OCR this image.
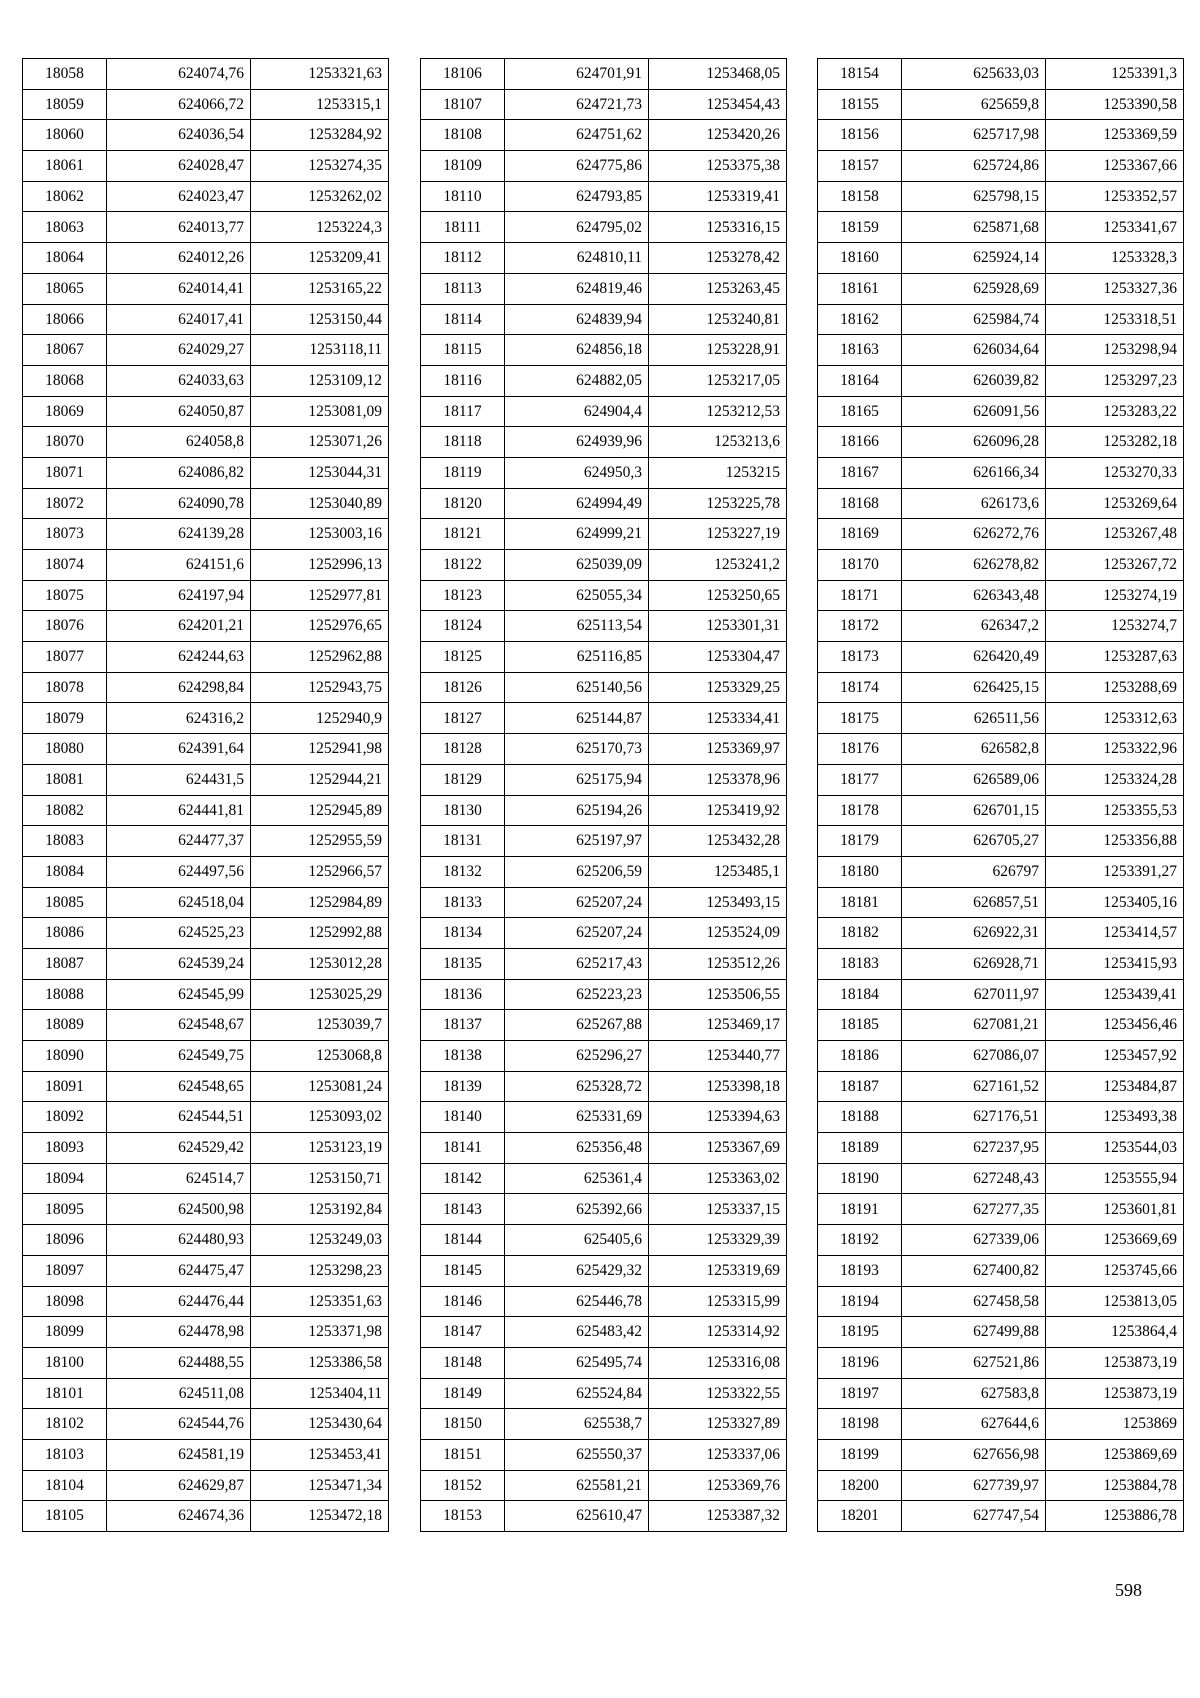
18058	624074,76	1253321,63
18059	624066,72	1253315,1
18060	624036,54	1253284,92
18061	624028,47	1253274,35
18062	624023,47	1253262,02
18063	624013,77	1253224,3
18064	624012,26	1253209,41
18065	624014,41	1253165,22
18066	624017,41	1253150,44
18067	624029,27	1253118,11
18068	624033,63	1253109,12
18069	624050,87	1253081,09
18070	624058,8	1253071,26
18071	624086,82	1253044,31
18072	624090,78	1253040,89
18073	624139,28	1253003,16
18074	624151,6	1252996,13
18075	624197,94	1252977,81
18076	624201,21	1252976,65
18077	624244,63	1252962,88
18078	624298,84	1252943,75
18079	624316,2	1252940,9
18080	624391,64	1252941,98
18081	624431,5	1252944,21
18082	624441,81	1252945,89
18083	624477,37	1252955,59
18084	624497,56	1252966,57
18085	624518,04	1252984,89
18086	624525,23	1252992,88
18087	624539,24	1253012,28
18088	624545,99	1253025,29
18089	624548,67	1253039,7
18090	624549,75	1253068,8
18091	624548,65	1253081,24
18092	624544,51	1253093,02
18093	624529,42	1253123,19
18094	624514,7	1253150,71
18095	624500,98	1253192,84
18096	624480,93	1253249,03
18097	624475,47	1253298,23
18098	624476,44	1253351,63
18099	624478,98	1253371,98
18100	624488,55	1253386,58
18101	624511,08	1253404,11
18102	624544,76	1253430,64
18103	624581,19	1253453,41
18104	624629,87	1253471,34
18105	624674,36	1253472,18
18106	624701,91	1253468,05
18107	624721,73	1253454,43
18108	624751,62	1253420,26
18109	624775,86	1253375,38
18110	624793,85	1253319,41
18111	624795,02	1253316,15
18112	624810,11	1253278,42
18113	624819,46	1253263,45
18114	624839,94	1253240,81
18115	624856,18	1253228,91
18116	624882,05	1253217,05
18117	624904,4	1253212,53
18118	624939,96	1253213,6
18119	624950,3	1253215
18120	624994,49	1253225,78
18121	624999,21	1253227,19
18122	625039,09	1253241,2
18123	625055,34	1253250,65
18124	625113,54	1253301,31
18125	625116,85	1253304,47
18126	625140,56	1253329,25
18127	625144,87	1253334,41
18128	625170,73	1253369,97
18129	625175,94	1253378,96
18130	625194,26	1253419,92
18131	625197,97	1253432,28
18132	625206,59	1253485,1
18133	625207,24	1253493,15
18134	625207,24	1253524,09
18135	625217,43	1253512,26
18136	625223,23	1253506,55
18137	625267,88	1253469,17
18138	625296,27	1253440,77
18139	625328,72	1253398,18
18140	625331,69	1253394,63
18141	625356,48	1253367,69
18142	625361,4	1253363,02
18143	625392,66	1253337,15
18144	625405,6	1253329,39
18145	625429,32	1253319,69
18146	625446,78	1253315,99
18147	625483,42	1253314,92
18148	625495,74	1253316,08
18149	625524,84	1253322,55
18150	625538,7	1253327,89
18151	625550,37	1253337,06
18152	625581,21	1253369,76
18153	625610,47	1253387,32
18154	625633,03	1253391,3
18155	625659,8	1253390,58
18156	625717,98	1253369,59
18157	625724,86	1253367,66
18158	625798,15	1253352,57
18159	625871,68	1253341,67
18160	625924,14	1253328,3
18161	625928,69	1253327,36
18162	625984,74	1253318,51
18163	626034,64	1253298,94
18164	626039,82	1253297,23
18165	626091,56	1253283,22
18166	626096,28	1253282,18
18167	626166,34	1253270,33
18168	626173,6	1253269,64
18169	626272,76	1253267,48
18170	626278,82	1253267,72
18171	626343,48	1253274,19
18172	626347,2	1253274,7
18173	626420,49	1253287,63
18174	626425,15	1253288,69
18175	626511,56	1253312,63
18176	626582,8	1253322,96
18177	626589,06	1253324,28
18178	626701,15	1253355,53
18179	626705,27	1253356,88
18180	626797	1253391,27
18181	626857,51	1253405,16
18182	626922,31	1253414,57
18183	626928,71	1253415,93
18184	627011,97	1253439,41
18185	627081,21	1253456,46
18186	627086,07	1253457,92
18187	627161,52	1253484,87
18188	627176,51	1253493,38
18189	627237,95	1253544,03
18190	627248,43	1253555,94
18191	627277,35	1253601,81
18192	627339,06	1253669,69
18193	627400,82	1253745,66
18194	627458,58	1253813,05
18195	627499,88	1253864,4
18196	627521,86	1253873,19
18197	627583,8	1253873,19
18198	627644,6	1253869
18199	627656,98	1253869,69
18200	627739,97	1253884,78
18201	627747,54	1253886,78
598
